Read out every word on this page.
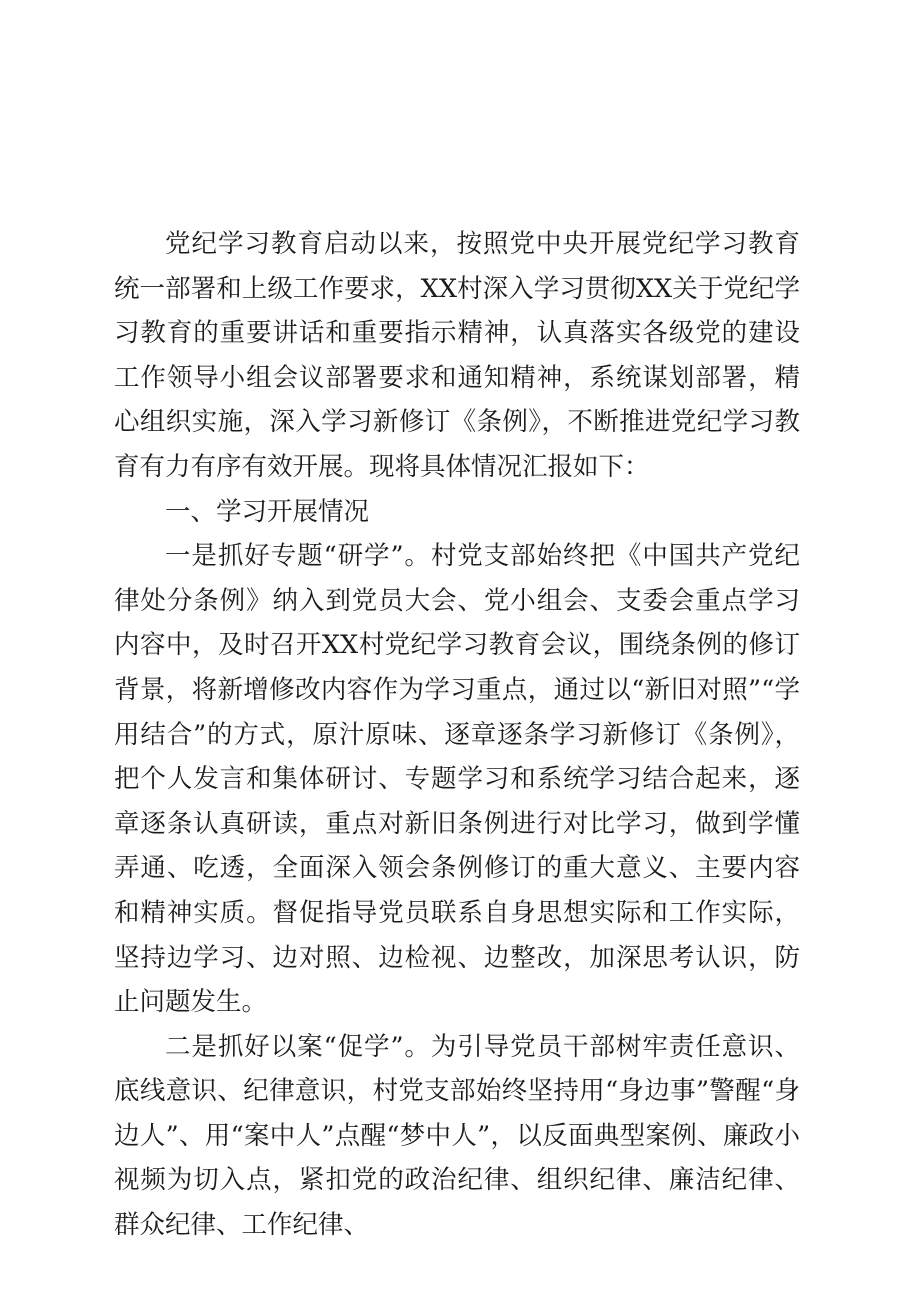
党纪学习教育启动以来，按照党中央开展党纪学习教育统一部署和上级工作要求，XX村深入学习贯彻XX关于党纪学习教育的重要讲话和重要指示精神，认真落实各级党的建设工作领导小组会议部署要求和通知精神，系统谋划部署，精心组织实施，深入学习新修订《条例》，不断推进党纪学习教育有力有序有效开展。现将具体情况汇报如下：

一、学习开展情况

一是抓好专题“研学”。村党支部始终把《中国共产党纪律处分条例》纳入到党员大会、党小组会、支委会重点学习内容中，及时召开XX村党纪学习教育会议，围绕条例的修订背景，将新增修改内容作为学习重点，通过以“新旧对照”“学用结合”的方式，原汁原味、逐章逐条学习新修订《条例》，把个人发言和集体研讨、专题学习和系统学习结合起来，逐章逐条认真研读，重点对新旧条例进行对比学习，做到学懂弄通、吃透，全面深入领会条例修订的重大意义、主要内容和精神实质。督促指导党员联系自身思想实际和工作实际，坚持边学习、边对照、边检视、边整改，加深思考认识，防止问题发生。

二是抓好以案“促学”。为引导党员干部树牢责任意识、底线意识、纪律意识，村党支部始终坚持用“身边事”警醒“身边人”、用“案中人”点醒“梦中人”，以反面典型案例、廉政小视频为切入点，紧扣党的政治纪律、组织纪律、廉洁纪律、群众纪律、工作纪律、
